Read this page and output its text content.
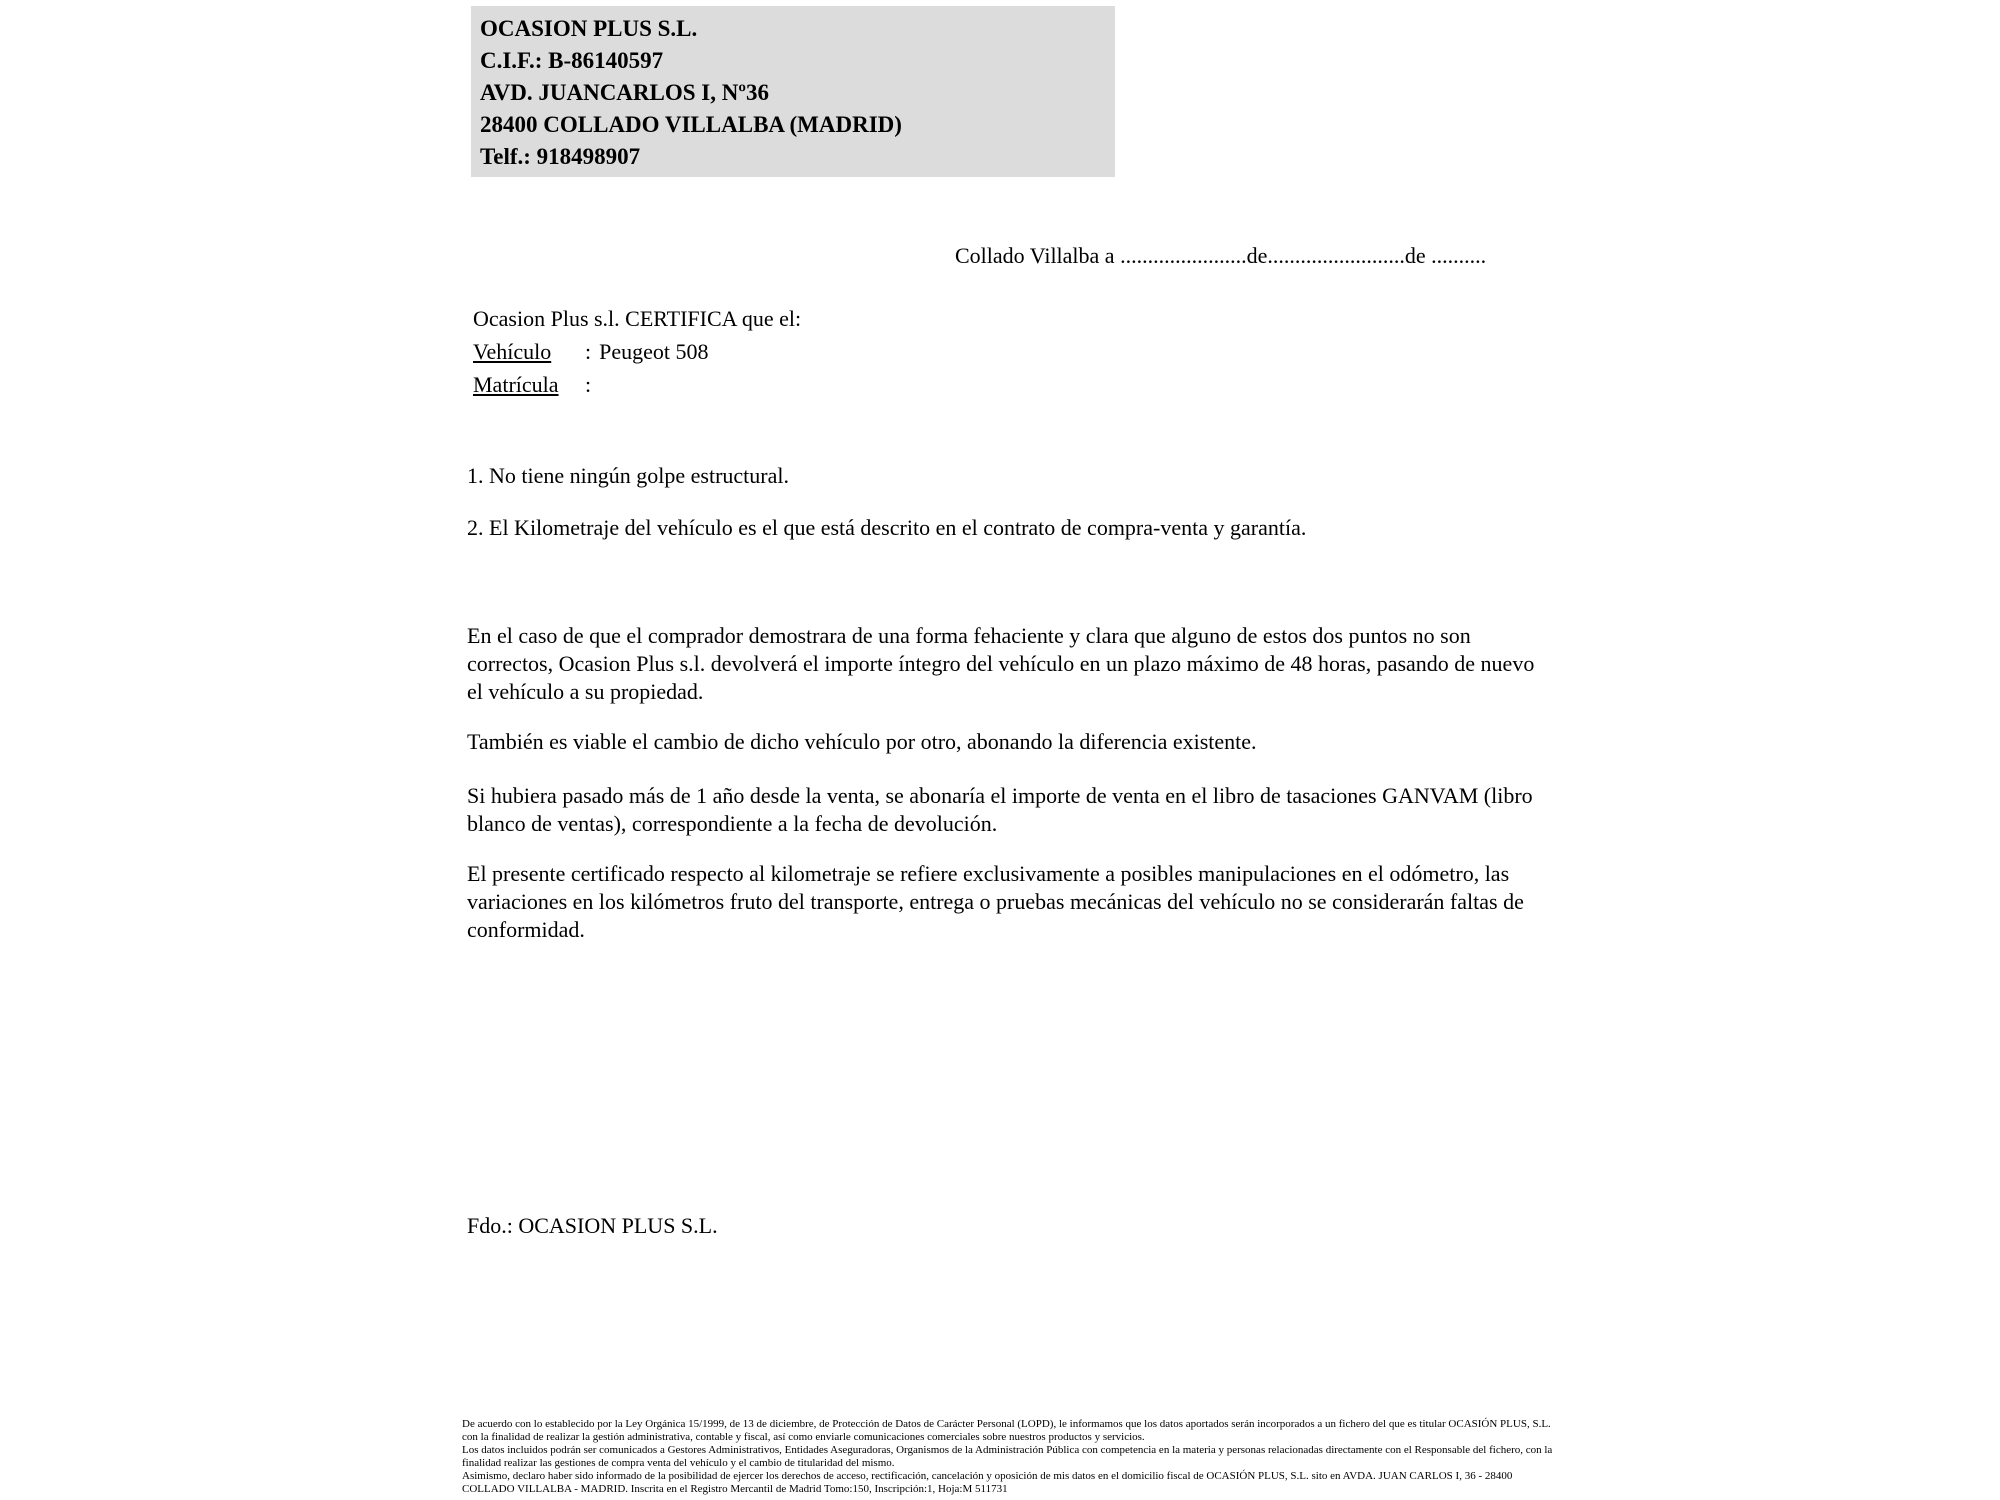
OCASION PLUS S.L.
C.I.F.: B-86140597
AVD. JUANCARLOS I, Nº36
28400 COLLADO VILLALBA (MADRID)
Telf.: 918498907
Collado Villalba a .......................de.........................de ..........
Ocasion Plus s.l. CERTIFICA que el:
Vehículo : Peugeot 508
Matrícula :
1. No tiene ningún golpe estructural.
2. El Kilometraje del vehículo es el que está descrito en el contrato de compra-venta y garantía.
En el caso de que el comprador demostrara de una forma fehaciente y clara que alguno de estos dos puntos no son correctos, Ocasion Plus s.l. devolverá el importe íntegro del vehículo en un plazo máximo de 48 horas, pasando de nuevo el vehículo a su propiedad.
También es viable el cambio de dicho vehículo por otro, abonando la diferencia existente.
Si hubiera pasado más de 1 año desde la venta, se abonaría el importe de venta en el libro de tasaciones GANVAM (libro blanco de ventas), correspondiente a la fecha de devolución.
El presente certificado respecto al kilometraje se refiere exclusivamente a posibles manipulaciones en el odómetro, las variaciones en los kilómetros fruto del transporte, entrega o pruebas mecánicas del vehículo no se considerarán faltas de conformidad.
Fdo.: OCASION PLUS S.L.

De acuerdo con lo establecido por la Ley Orgánica 15/1999, de 13 de diciembre, de Protección de Datos de Carácter Personal (LOPD), le informamos que los datos aportados serán incorporados a un fichero del que es titular OCASIÓN PLUS, S.L. con la finalidad de realizar la gestión administrativa, contable y fiscal, así como enviarle comunicaciones comerciales sobre nuestros productos y servicios.

Los datos incluidos podrán ser comunicados a Gestores Administrativos, Entidades Aseguradoras, Organismos de la Administración Pública con competencia en la materia y personas relacionadas directamente con el Responsable del fichero, con la finalidad realizar las gestiones de compra venta del vehículo y el cambio de titularidad del mismo.

Asimismo, declaro haber sido informado de la posibilidad de ejercer los derechos de acceso, rectificación, cancelación y oposición de mis datos en el domicilio fiscal de OCASIÓN PLUS, S.L. sito en AVDA. JUAN CARLOS I, 36 - 28400 COLLADO VILLALBA - MADRID. Inscrita en el Registro Mercantil de Madrid Tomo:150, Inscripción:1, Hoja:M 511731
